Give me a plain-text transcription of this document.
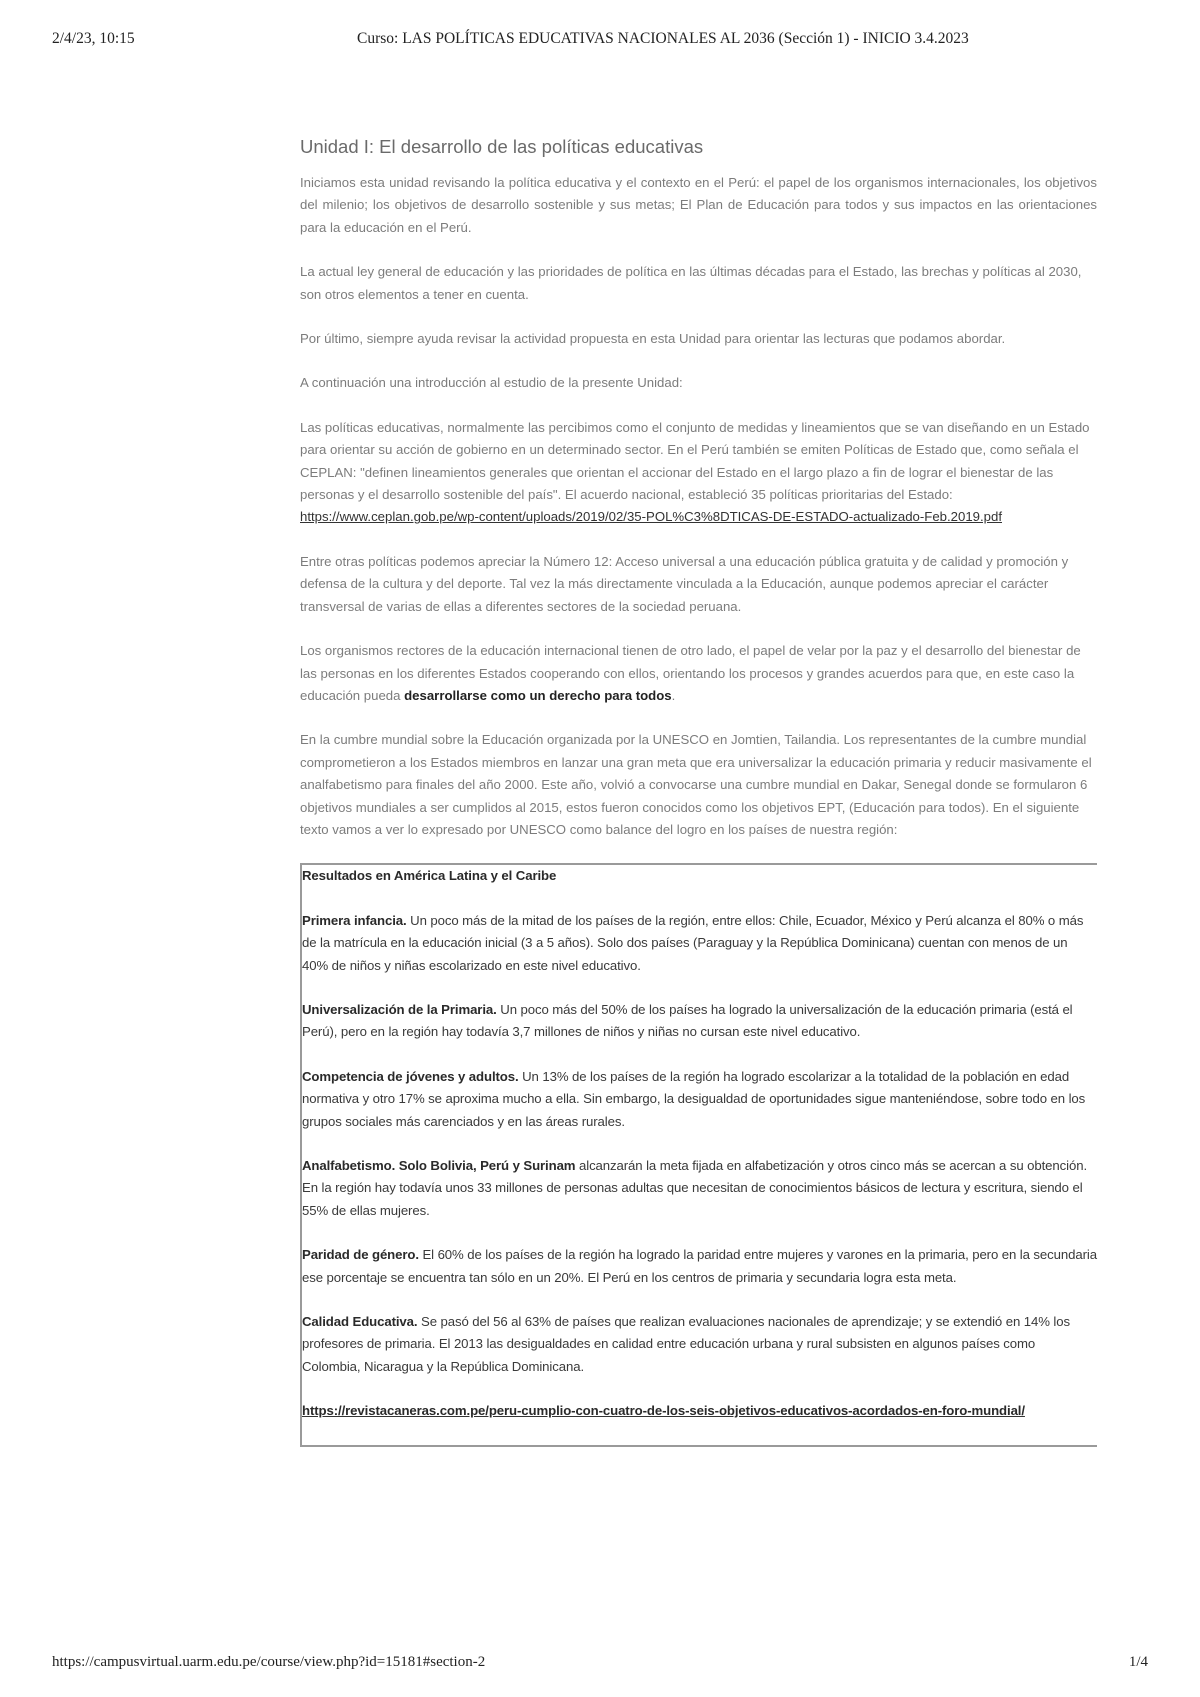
2/4/23, 10:15	Curso: LAS POLÍTICAS EDUCATIVAS NACIONALES AL 2036 (Sección 1) - INICIO 3.4.2023
Unidad I: El desarrollo de las políticas educativas

Iniciamos esta unidad revisando la política educativa y el contexto en el Perú: el papel de los organismos internacionales, los objetivos del milenio; los objetivos de desarrollo sostenible y sus metas; El Plan de Educación para todos y sus impactos en las orientaciones para la educación en el Perú.

La actual ley general de educación y las prioridades de política en las últimas décadas para el Estado, las brechas y políticas al 2030, son otros elementos a tener en cuenta.

Por último, siempre ayuda revisar la actividad propuesta en esta Unidad para orientar las lecturas que podamos abordar.

A continuación una introducción al estudio de la presente Unidad:

Las políticas educativas, normalmente las percibimos como el conjunto de medidas y lineamientos que se van diseñando en un Estado para orientar su acción de gobierno en un determinado sector. En el Perú también se emiten Políticas de Estado que, como señala el CEPLAN: "definen lineamientos generales que orientan el accionar del Estado en el largo plazo a fin de lograr el bienestar de las personas y el desarrollo sostenible del país". El acuerdo nacional, estableció 35 políticas prioritarias del Estado: https://www.ceplan.gob.pe/wp-content/uploads/2019/02/35-POL%C3%8DTICAS-DE-ESTADO-actualizado-Feb.2019.pdf

Entre otras políticas podemos apreciar la Número 12: Acceso universal a una educación pública gratuita y de calidad y promoción y defensa de la cultura y del deporte. Tal vez la más directamente vinculada a la Educación, aunque podemos apreciar el carácter transversal de varias de ellas a diferentes sectores de la sociedad peruana.

Los organismos rectores de la educación internacional tienen de otro lado, el papel de velar por la paz y el desarrollo del bienestar de las personas en los diferentes Estados cooperando con ellos, orientando los procesos y grandes acuerdos para que, en este caso la educación pueda desarrollarse como un derecho para todos.

En la cumbre mundial sobre la Educación organizada por la UNESCO en Jomtien, Tailandia. Los representantes de la cumbre mundial comprometieron a los Estados miembros en lanzar una gran meta que era universalizar la educación primaria y reducir masivamente el analfabetismo para finales del año 2000. Este año, volvió a convocarse una cumbre mundial en Dakar, Senegal donde se formularon 6 objetivos mundiales a ser cumplidos al 2015, estos fueron conocidos como los objetivos EPT, (Educación para todos). En el siguiente texto vamos a ver lo expresado por UNESCO como balance del logro en los países de nuestra región:

Resultados en América Latina y el Caribe

Primera infancia. Un poco más de la mitad de los países de la región, entre ellos: Chile, Ecuador, México y Perú alcanza el 80% o más de la matrícula en la educación inicial (3 a 5 años). Solo dos países (Paraguay y la República Dominicana) cuentan con menos de un 40% de niños y niñas escolarizado en este nivel educativo.

Universalización de la Primaria. Un poco más del 50% de los países ha logrado la universalización de la educación primaria (está el Perú), pero en la región hay todavía 3,7 millones de niños y niñas no cursan este nivel educativo.

Competencia de jóvenes y adultos. Un 13% de los países de la región ha logrado escolarizar a la totalidad de la población en edad normativa y otro 17% se aproxima mucho a ella. Sin embargo, la desigualdad de oportunidades sigue manteniéndose, sobre todo en los grupos sociales más carenciados y en las áreas rurales.

Analfabetismo. Solo Bolivia, Perú y Surinam alcanzarán la meta fijada en alfabetización y otros cinco más se acercan a su obtención. En la región hay todavía unos 33 millones de personas adultas que necesitan de conocimientos básicos de lectura y escritura, siendo el 55% de ellas mujeres.

Paridad de género. El 60% de los países de la región ha logrado la paridad entre mujeres y varones en la primaria, pero en la secundaria ese porcentaje se encuentra tan sólo en un 20%. El Perú en los centros de primaria y secundaria logra esta meta.

Calidad Educativa. Se pasó del 56 al 63% de países que realizan evaluaciones nacionales de aprendizaje; y se extendió en 14% los profesores de primaria. El 2013 las desigualdades en calidad entre educación urbana y rural subsisten en algunos países como Colombia, Nicaragua y la República Dominicana.

https://revistacaneras.com.pe/peru-cumplio-con-cuatro-de-los-seis-objetivos-educativos-acordados-en-foro-mundial/

https://campusvirtual.uarm.edu.pe/course/view.php?id=15181#section-2	1/4
